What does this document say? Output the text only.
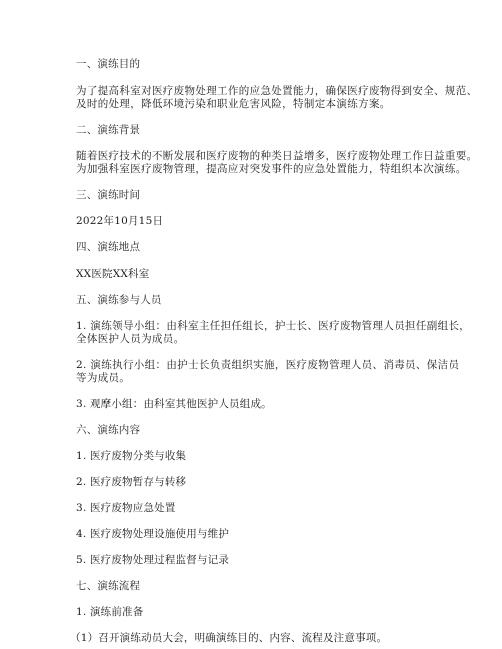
一、演练目的
为了提高科室对医疗废物处理工作的应急处置能力，确保医疗废物得到安全、规范、
及时的处理，降低环境污染和职业危害风险，特制定本演练方案。
二、演练背景
随着医疗技术的不断发展和医疗废物的种类日益增多，医疗废物处理工作日益重要。
为加强科室医疗废物管理，提高应对突发事件的应急处置能力，特组织本次演练。
三、演练时间
2022年10月15日
四、演练地点
XX医院XX科室
五、演练参与人员
1. 演练领导小组：由科室主任担任组长，护士长、医疗废物管理人员担任副组长，
全体医护人员为成员。
2. 演练执行小组：由护士长负责组织实施，医疗废物管理人员、消毒员、保洁员
等为成员。
3. 观摩小组：由科室其他医护人员组成。
六、演练内容
1. 医疗废物分类与收集
2. 医疗废物暂存与转移
3. 医疗废物应急处置
4. 医疗废物处理设施使用与维护
5. 医疗废物处理过程监督与记录
七、演练流程
1. 演练前准备
（1）召开演练动员大会，明确演练目的、内容、流程及注意事项。
